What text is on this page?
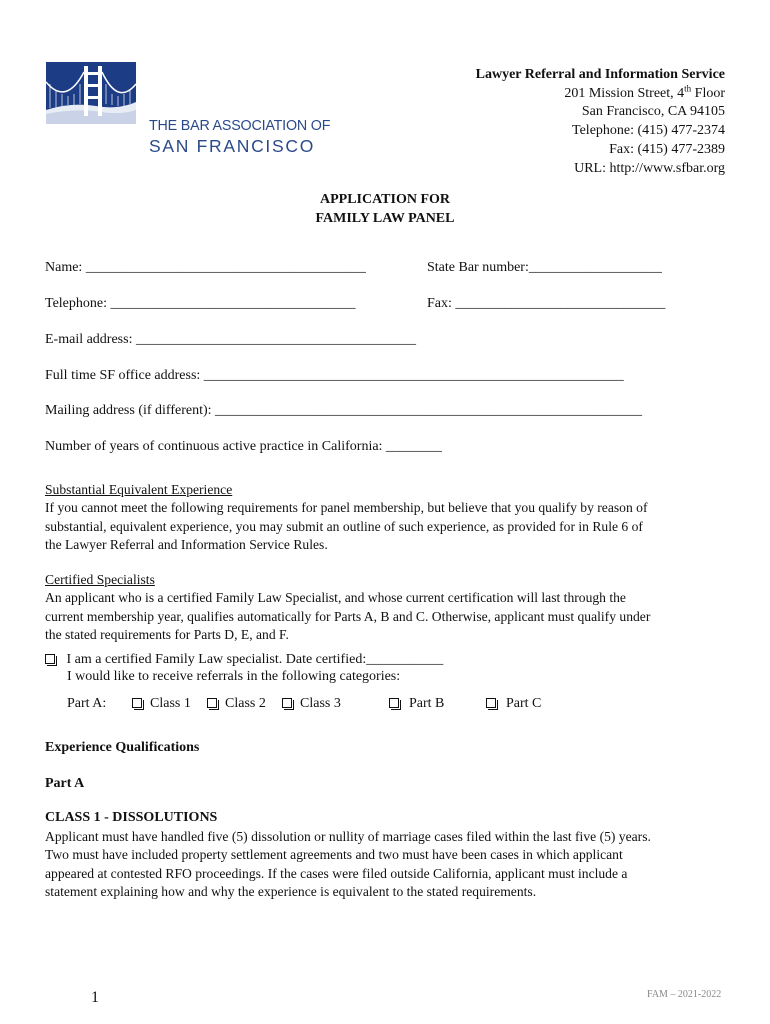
THE BAR ASSOCIATION OF
SAN FRANCISCO
Lawyer Referral and Information Service
201 Mission Street, 4th Floor
San Francisco, CA 94105
Telephone: (415) 477-2374
Fax: (415) 477-2389
URL: http://www.sfbar.org
APPLICATION FOR
FAMILY LAW PANEL
Name: ________________________________________	State Bar number:___________________
Telephone: ___________________________________	Fax: ______________________________
E-mail address: ________________________________________
Full time SF office address: ____________________________________________________________
Mailing address (if different): _____________________________________________________________
Number of years of continuous active practice in California: ________
Substantial Equivalent Experience
If you cannot meet the following requirements for panel membership, but believe that you qualify by reason of
substantial, equivalent experience, you may submit an outline of such experience, as provided for in Rule 6 of
the Lawyer Referral and Information Service Rules.
Certified Specialists
An applicant who is a certified Family Law Specialist, and whose current certification will last through the
current membership year, qualifies automatically for Parts A, B and C. Otherwise, applicant must qualify under
the stated requirements for Parts D, E, and F.
I am a certified Family Law specialist. Date certified:___________
I would like to receive referrals in the following categories:
Part A:	Class 1	Class 2	Class 3	Part B	Part C
Experience Qualifications
Part A
CLASS 1 - DISSOLUTIONS
Applicant must have handled five (5) dissolution or nullity of marriage cases filed within the last five (5) years.
Two must have included property settlement agreements and two must have been cases in which applicant
appeared at contested RFO proceedings. If the cases were filed outside California, applicant must include a
statement explaining how and why the experience is equivalent to the stated requirements.
1	FAM – 2021-2022
